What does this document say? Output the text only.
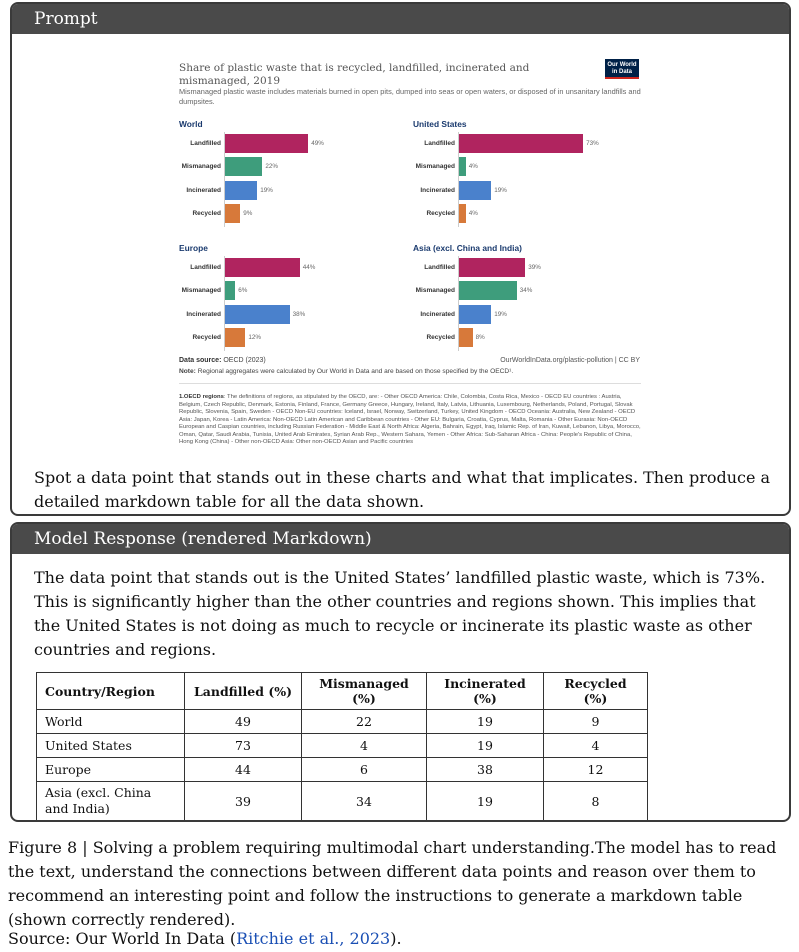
Prompt
Share of plastic waste that is recycled, landfilled, incinerated and mismanaged, 2019
Our World in Data
Mismanaged plastic waste includes materials burned in open pits, dumped into seas or open waters, or disposed of in unsanitary landfills and dumpsites.
World
Landfilled	49%
Mismanaged	22%
Incinerated	19%
Recycled	9%
United States
Landfilled	73%
Mismanaged 4%
Incinerated	19%
Recycled 4%
Europe
Landfilled	44%
Mismanaged	6%
Incinerated	38%
Recycled	12%
Asia (excl. China and India)
Landfilled	39%
Mismanaged	34%
Incinerated	19%
Recycled	8%
Data source: OECD (2023)	OurWorldInData.org/plastic-pollution | CC BY
Note: Regional aggregates were calculated by Our World in Data and are based on those specified by the OECD¹.
1.OECD regions: The definitions of regions, as stipulated by the OECD, are: - Other OECD America: Chile, Colombia, Costa Rica, Mexico - OECD EU countries : Austria, Belgium, Czech Republic, Denmark, Estonia, Finland, France, Germany Greece, Hungary, Ireland, Italy, Latvia, Lithuania, Luxembourg, Netherlands, Poland, Portugal, Slovak Republic, Slovenia, Spain, Sweden - OECD Non-EU countries: Iceland, Israel, Norway, Switzerland, Turkey, United Kingdom - OECD Oceania: Australia, New Zealand - OECD Asia: Japan, Korea - Latin America: Non-OECD Latin American and Caribbean countries - Other EU: Bulgaria, Croatia, Cyprus, Malta, Romania - Other Eurasia: Non-OECD European and Caspian countries, including Russian Federation - Middle East & North Africa: Algeria, Bahrain, Egypt, Iraq, Islamic Rep. of Iran, Kuwait, Lebanon, Libya, Morocco, Oman, Qatar, Saudi Arabia, Tunisia, United Arab Emirates, Syrian Arab Rep., Western Sahara, Yemen - Other Africa: Sub-Saharan Africa - China: People's Republic of China, Hong Kong (China) - Other non-OECD Asia: Other non-OECD Asian and Pacific countries
Spot a data point that stands out in these charts and what that implicates. Then produce a detailed markdown table for all the data shown.
Model Response (rendered Markdown)
The data point that stands out is the United States’ landfilled plastic waste, which is 73%. This is significantly higher than the other countries and regions shown. This implies that the United States is not doing as much to recycle or incinerate its plastic waste as other countries and regions.
Country/Region	Landfilled (%)	Mismanaged (%)	Incinerated (%)	Recycled (%)
World	49	22	19	9
United States	73	4	19	4
Europe	44	6	38	12
Asia (excl. China and India)	39	34	19	8
Figure 8 | Solving a problem requiring multimodal chart understanding.The model has to read the text, understand the connections between different data points and reason over them to recommend an interesting point and follow the instructions to generate a markdown table (shown correctly rendered).
Source: Our World In Data (Ritchie et al., 2023).
